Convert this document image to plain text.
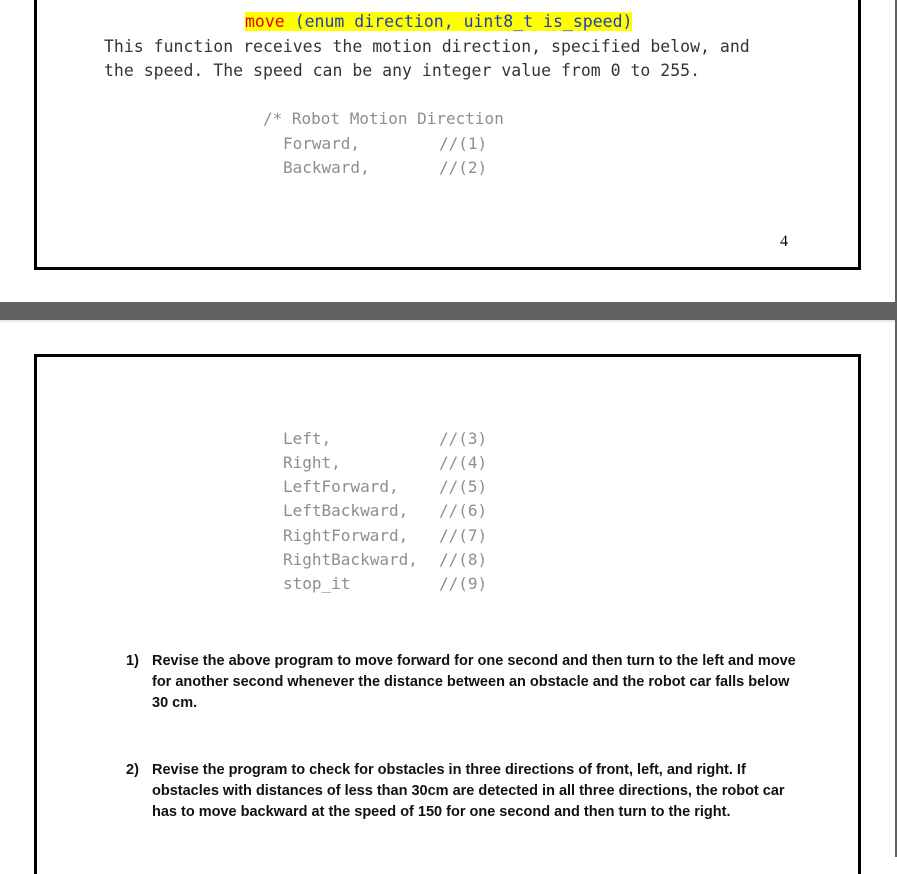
move (enum direction, uint8_t is_speed)
This function receives the motion direction, specified below, and
the speed. The speed can be any integer value from 0 to 255.
/* Robot Motion Direction
Forward,	//(1)
Backward,	//(2)
4
Left,	//(3)
Right,	//(4)
LeftForward,	//(5)
LeftBackward, //(6)
RightForward, //(7)
RightBackward, //(8)
stop_it	//(9)
1) Revise the above program to move forward for one second and then turn to the left and move for another second whenever the distance between an obstacle and the robot car falls below 30 cm.
2) Revise the program to check for obstacles in three directions of front, left, and right. If obstacles with distances of less than 30cm are detected in all three directions, the robot car has to move backward at the speed of 150 for one second and then turn to the right.
